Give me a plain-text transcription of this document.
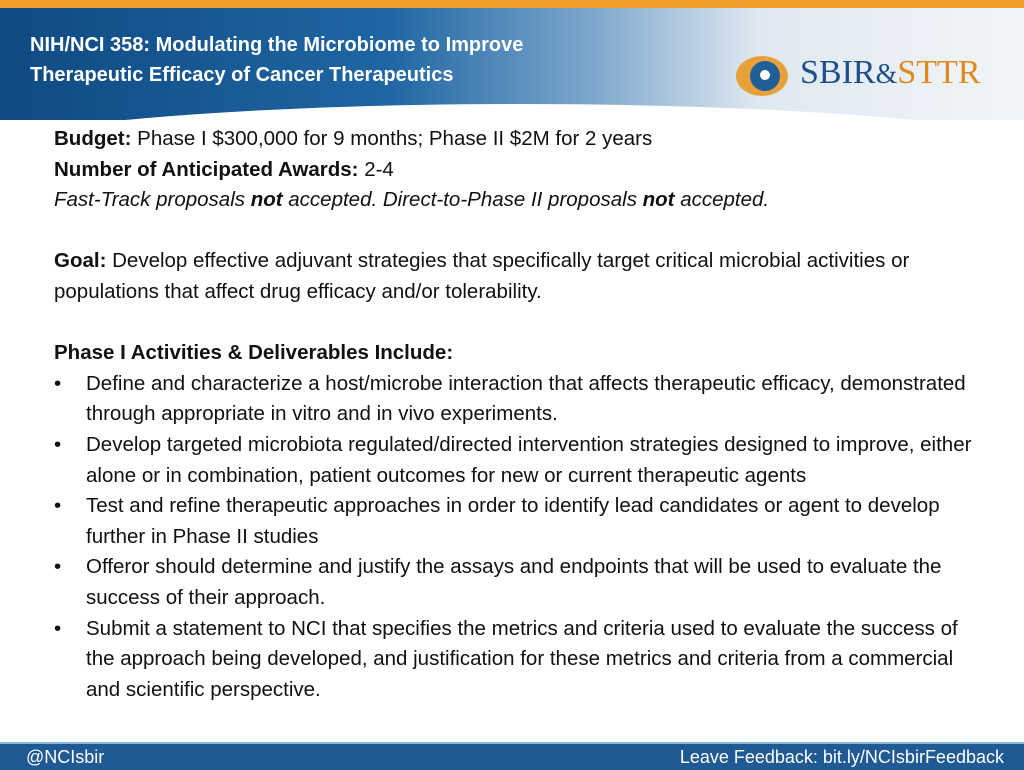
NIH/NCI 358: Modulating the Microbiome to Improve
Therapeutic Efficacy of Cancer Therapeutics	SBIR&STTR

Budget: Phase I $300,000 for 9 months; Phase II $2M for 2 years

Number of Anticipated Awards: 2-4

Fast-Track proposals not accepted. Direct-to-Phase II proposals not accepted.

Goal: Develop effective adjuvant strategies that specifically target critical microbial activities or populations that affect drug efficacy and/or tolerability.

Phase I Activities & Deliverables Include:

• Define and characterize a host/microbe interaction that affects therapeutic efficacy, demonstrated through appropriate in vitro and in vivo experiments.
• Develop targeted microbiota regulated/directed intervention strategies designed to improve, either alone or in combination, patient outcomes for new or current therapeutic agents
• Test and refine therapeutic approaches in order to identify lead candidates or agent to develop further in Phase II studies
• Offeror should determine and justify the assays and endpoints that will be used to evaluate the success of their approach.
• Submit a statement to NCI that specifies the metrics and criteria used to evaluate the success of the approach being developed, and justification for these metrics and criteria from a commercial and scientific perspective.
@NCIsbir	Leave Feedback: bit.ly/NCIsbirFeedback
